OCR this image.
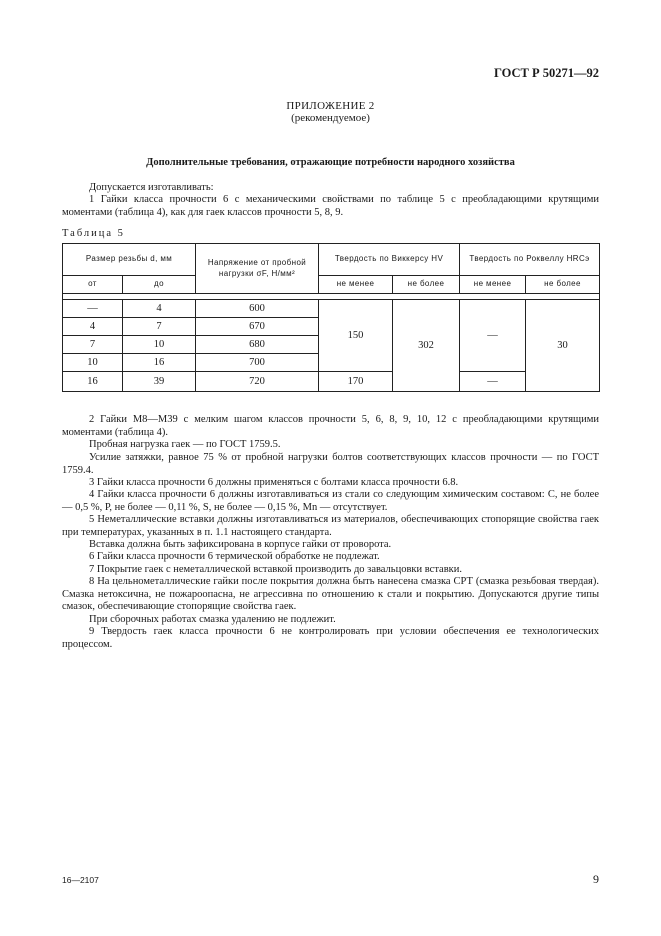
ГОСТ Р 50271—92
ПРИЛОЖЕНИЕ 2
(рекомендуемое)
Дополнительные требования, отражающие потребности народного хозяйства
Допускается изготавливать:
1 Гайки класса прочности 6 с механическими свойствами по таблице 5 с преобладающими крутящими моментами (таблица 4), как для гаек классов прочности 5, 8, 9.
Таблица 5
Размер резьбы d, мм		Напряжение от пробной нагрузки σF, Н/мм²	Твердость по Виккерсу HV		Твердость по Роквеллу HRCэ	
от	до		не менее	не более	не менее	не более

—	4	600	150	302	—	30
4	7	670				
7	10	680				
10	16	700				
16	39	720	170		—	
2 Гайки М8—М39 с мелким шагом классов прочности 5, 6, 8, 9, 10, 12 с преобладающими крутящими моментами (таблица 4).
Пробная нагрузка гаек — по ГОСТ 1759.5.
Усилие затяжки, равное 75 % от пробной нагрузки болтов соответствующих классов прочности — по ГОСТ 1759.4.
3 Гайки класса прочности 6 должны применяться с болтами класса прочности 6.8.
4 Гайки класса прочности 6 должны изготавливаться из стали со следующим химическим составом: С, не более — 0,5 %, Р, не более — 0,11 %, S, не более — 0,15 %, Мn — отсутствует.
5 Неметаллические вставки должны изготавливаться из материалов, обеспечивающих стопорящие свойства гаек при температурах, указанных в п. 1.1 настоящего стандарта.
Вставка должна быть зафиксирована в корпусе гайки от проворота.
6 Гайки класса прочности 6 термической обработке не подлежат.
7 Покрытие гаек с неметаллической вставкой производить до завальцовки вставки.
8 На цельнометаллические гайки после покрытия должна быть нанесена смазка СРТ (смазка резьбовая твердая). Смазка нетоксична, не пожароопасна, не агрессивна по отношению к стали и покрытию. Допускаются другие типы смазок, обеспечивающие стопорящие свойства гаек.
При сборочных работах смазка удалению не подлежит.
9 Твердость гаек класса прочности 6 не контролировать при условии обеспечения ее технологических процессом.
16—2107	9
